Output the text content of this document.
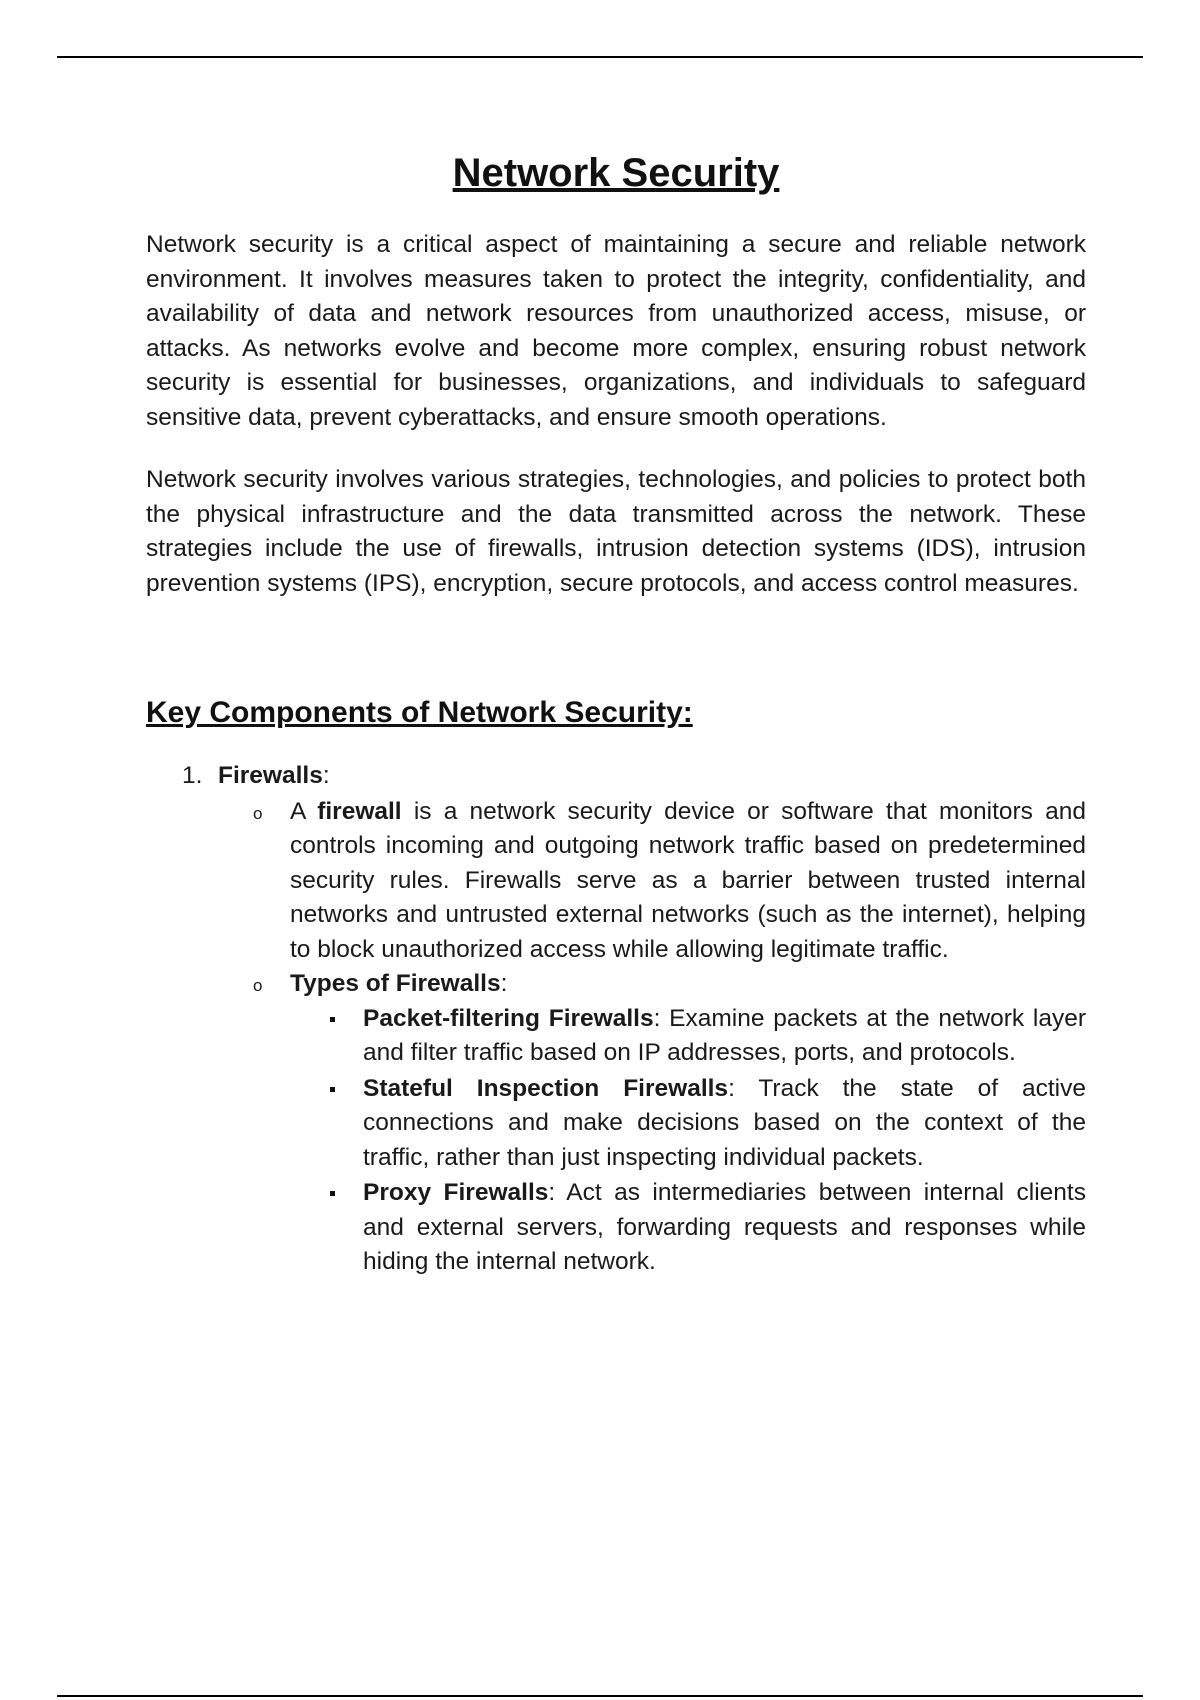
Network Security

Network security is a critical aspect of maintaining a secure and reliable network environment. It involves measures taken to protect the integrity, confidentiality, and availability of data and network resources from unauthorized access, misuse, or attacks. As networks evolve and become more complex, ensuring robust network security is essential for businesses, organizations, and individuals to safeguard sensitive data, prevent cyberattacks, and ensure smooth operations.

Network security involves various strategies, technologies, and policies to protect both the physical infrastructure and the data transmitted across the network. These strategies include the use of firewalls, intrusion detection systems (IDS), intrusion prevention systems (IPS), encryption, secure protocols, and access control measures.

Key Components of Network Security:
1. Firewalls:
o A firewall is a network security device or software that monitors and controls incoming and outgoing network traffic based on predetermined security rules. Firewalls serve as a barrier between trusted internal networks and untrusted external networks (such as the internet), helping to block unauthorized access while allowing legitimate traffic.
o Types of Firewalls:
Packet-filtering Firewalls: Examine packets at the network layer and filter traffic based on IP addresses, ports, and protocols.
Stateful Inspection Firewalls: Track the state of active connections and make decisions based on the context of the traffic, rather than just inspecting individual packets.
Proxy Firewalls: Act as intermediaries between internal clients and external servers, forwarding requests and responses while hiding the internal network.
